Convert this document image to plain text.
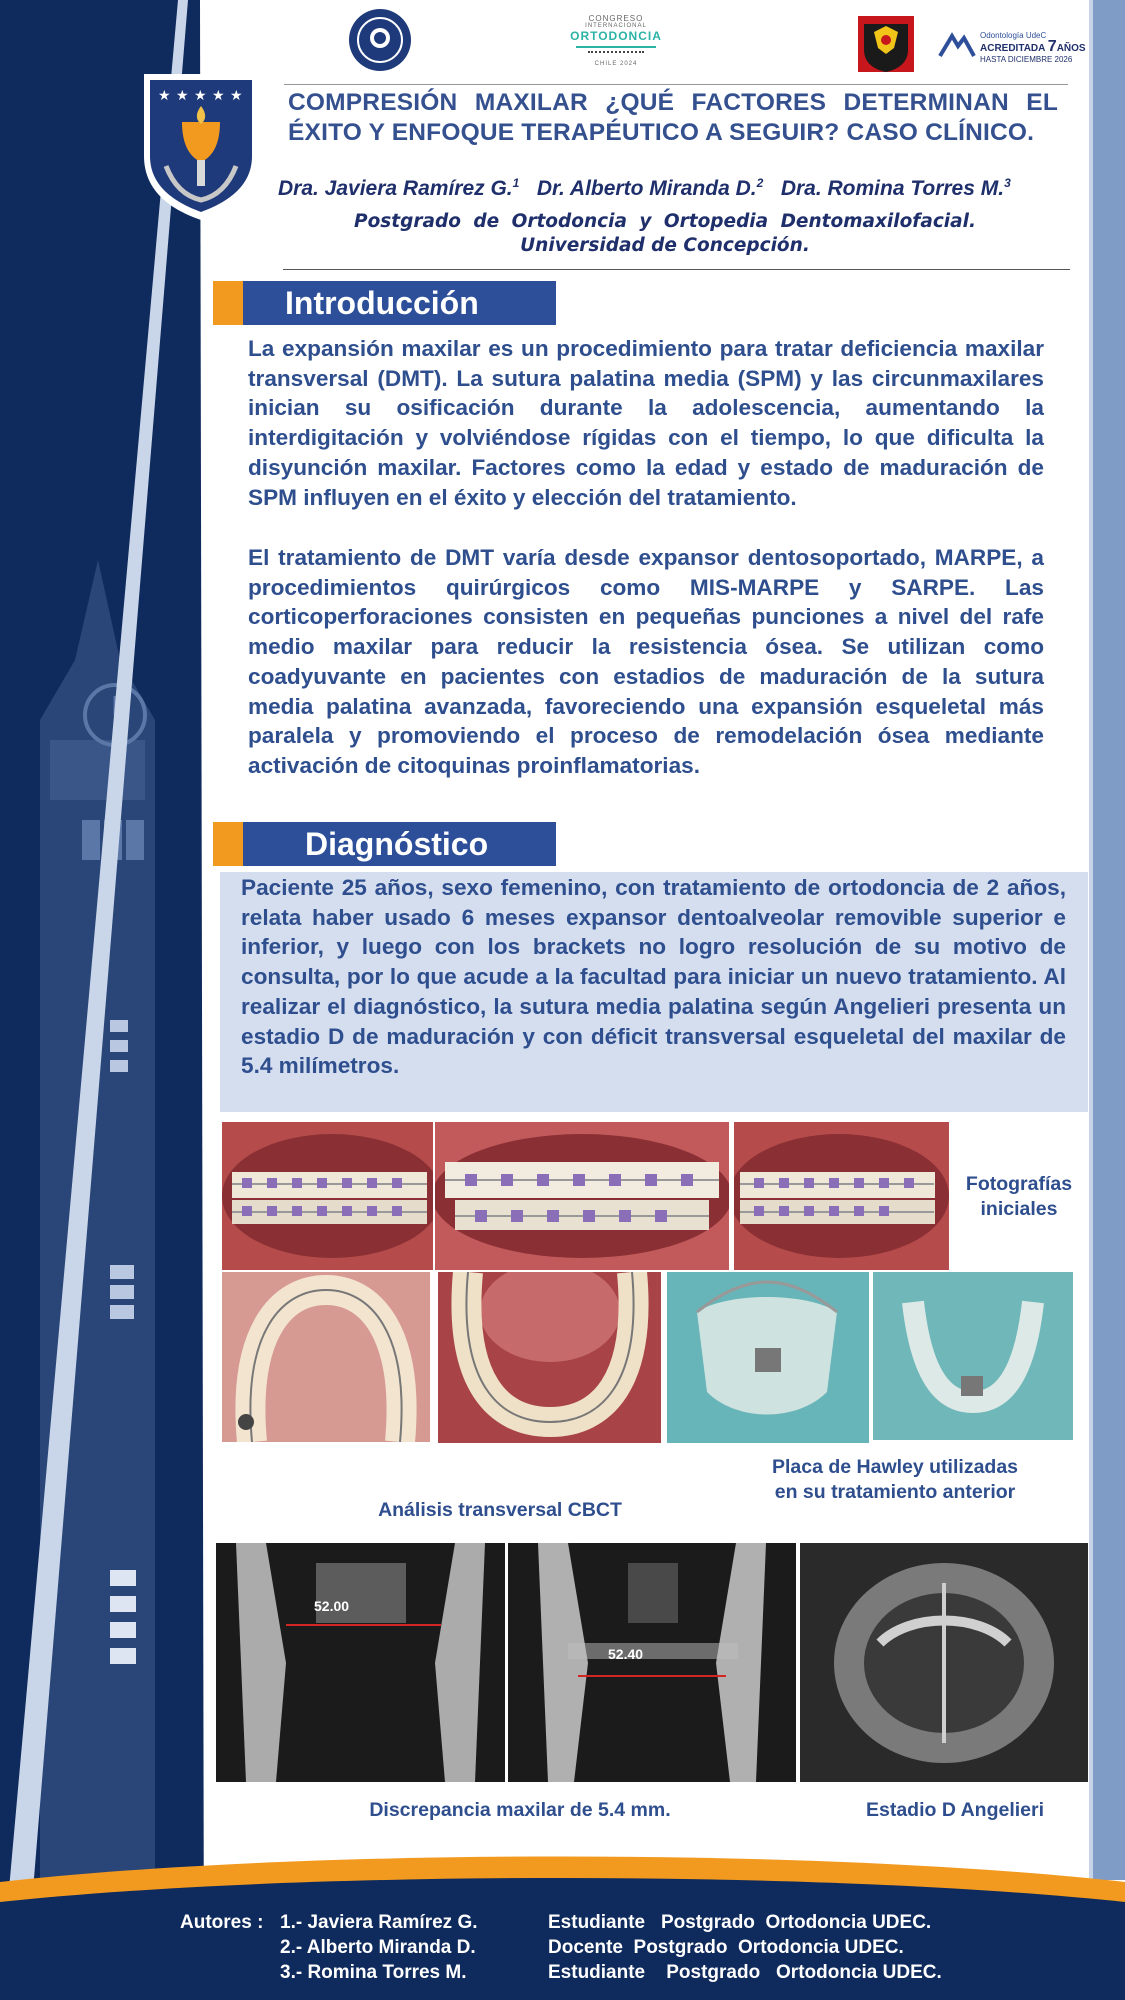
★ ★ ★ ★ ★
CONGRESO
INTERNACIONAL
ORTODONCIA
CHILE 2024
Odontología UdeC
ACREDITADA 7AÑOS
HASTA DICIEMBRE 2026
COMPRESIÓN MAXILAR ¿QUÉ FACTORES DETERMINAN EL
ÉXITO Y ENFOQUE TERAPÉUTICO A SEGUIR? CASO CLÍNICO.
Dra. Javiera Ramírez G.$^1$ Dr. Alberto Miranda D.$^2$ Dra. Romina Torres M.$^3$
Postgrado de Ortodoncia y Ortopedia Dentomaxilofacial.
Universidad de Concepción.
Introducción
La expansión maxilar es un procedimiento para tratar deficiencia maxilar transversal (DMT). La sutura palatina media (SPM) y las circunmaxilares inician su osificación durante la adolescencia, aumentando la interdigitación y volviéndose rígidas con el tiempo, lo que dificulta la disyunción maxilar. Factores como la edad y estado de maduración de SPM influyen en el éxito y elección del tratamiento.
El tratamiento de DMT varía desde expansor dentosoportado, MARPE, a procedimientos quirúrgicos como MIS-MARPE y SARPE. Las corticoperforaciones consisten en pequeñas punciones a nivel del rafe medio maxilar para reducir la resistencia ósea. Se utilizan como coadyuvante en pacientes con estadios de maduración de la sutura media palatina avanzada, favoreciendo una expansión esqueletal más paralela y promoviendo el proceso de remodelación ósea mediante activación de citoquinas proinflamatorias.
Diagnóstico
Paciente 25 años, sexo femenino, con tratamiento de ortodoncia de 2 años, relata haber usado 6 meses expansor dentoalveolar removible superior e inferior, y luego con los brackets no logro resolución de su motivo de consulta, por lo que acude a la facultad para iniciar un nuevo tratamiento. Al realizar el diagnóstico, la sutura media palatina según Angelieri presenta un estadio D de maduración y con déficit transversal esqueletal del maxilar de 5.4 milímetros.
Fotografías iniciales
Placa de Hawley utilizadas
en su tratamiento anterior
Análisis transversal CBCT
52.00
52.40
Discrepancia maxilar de 5.4 mm.	Estadio D Angelieri
Autores : 1.- Javiera Ramírez G.	Estudiante   Postgrado  Ortodoncia UDEC.
2.- Alberto Miranda D.	Docente  Postgrado  Ortodoncia UDEC.
3.- Romina Torres M.	Estudiante    Postgrado   Ortodoncia UDEC.
